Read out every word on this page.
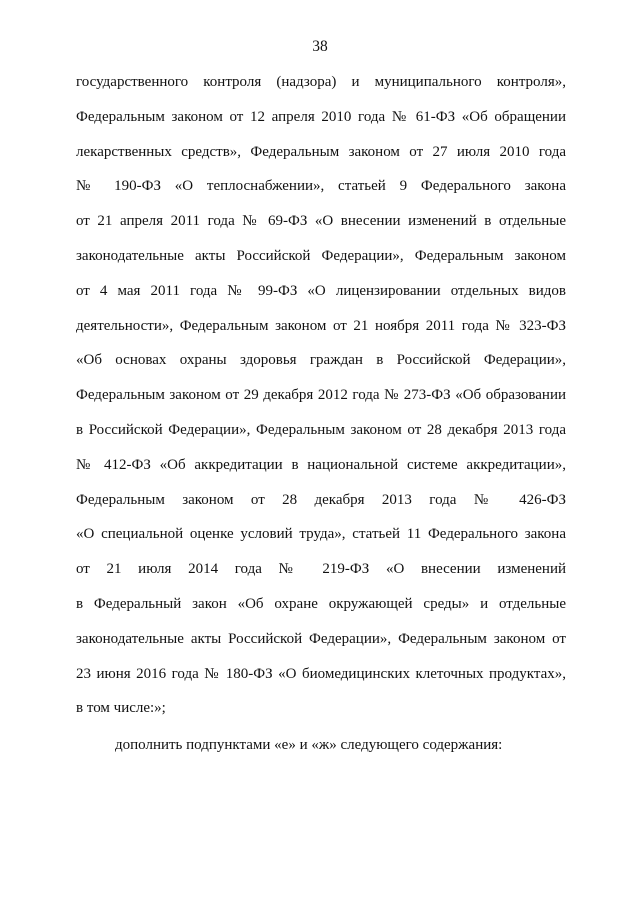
38
государственного контроля (надзора) и муниципального контроля»,
Федеральным законом от 12 апреля 2010 года № 61-ФЗ «Об обращении
лекарственных средств», Федеральным законом от 27 июля 2010 года
№ 190-ФЗ «О теплоснабжении», статьей 9 Федерального закона
от 21 апреля 2011 года № 69-ФЗ «О внесении изменений в отдельные
законодательные акты Российской Федерации», Федеральным законом
от 4 мая 2011 года № 99-ФЗ «О лицензировании отдельных видов
деятельности», Федеральным законом от 21 ноября 2011 года № 323-ФЗ
«Об основах охраны здоровья граждан в Российской Федерации»,
Федеральным законом от 29 декабря 2012 года № 273-ФЗ «Об образовании
в Российской Федерации», Федеральным законом от 28 декабря 2013 года
№ 412-ФЗ «Об аккредитации в национальной системе аккредитации»,
Федеральным законом от 28 декабря 2013 года № 426-ФЗ
«О специальной оценке условий труда», статьей 11 Федерального закона
от 21 июля 2014 года № 219-ФЗ «О внесении изменений
в Федеральный закон «Об охране окружающей среды» и отдельные
законодательные акты Российской Федерации», Федеральным законом от
23 июня 2016 года № 180-ФЗ «О биомедицинских клеточных продуктах»,
в том числе:»;
дополнить подпунктами «е» и «ж» следующего содержания:
